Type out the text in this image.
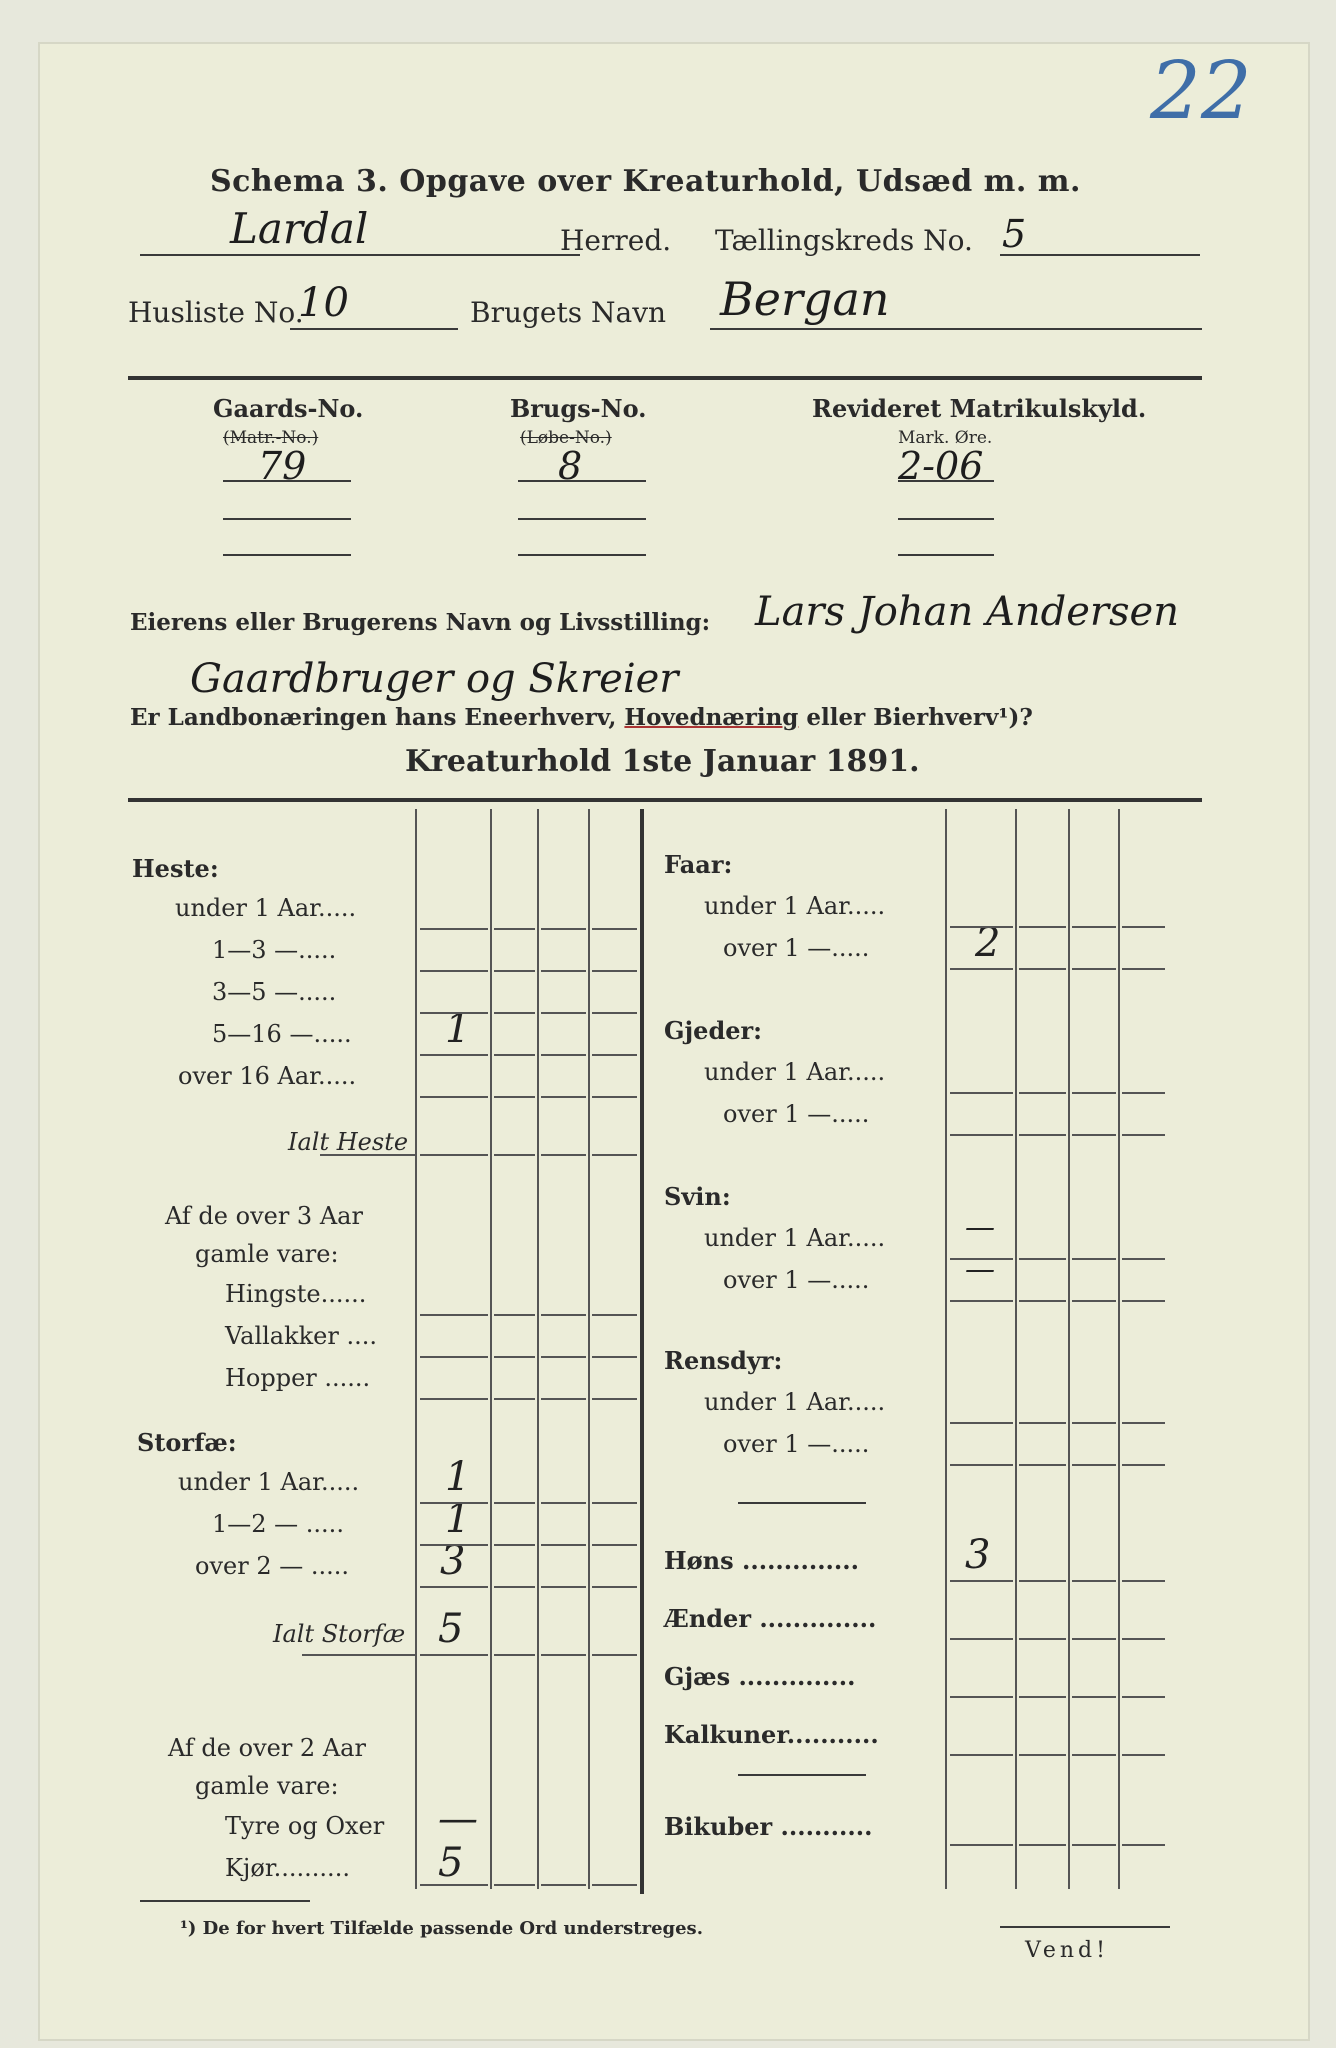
22
Schema 3. Opgave over Kreaturhold, Udsæd m. m.
Lardal	Herred. Tællingskreds No. 5
Husliste No.
10	Brugets Navn Bergan
Gaards-No.
(Matr.-No.)
79
Brugs-No.
(Løbe-No.)
8
Revideret Matrikulskyld.
Mark. Øre.
2-06
Eierens eller Brugerens Navn og Livsstilling: Lars Johan Andersen
Gaardbruger og Skreier
Er Landbonæringen hans Eneerhverv, Hovednæring eller Bierhverv¹)?
Kreaturhold 1ste Januar 1891.
Heste:
under 1 Aar.....
1—3 —.....
3—5 —.....
5—16 —..... 1
over 16 Aar.....
Ialt Heste
Af de over 3 Aar
gamle vare:
Hingste......
Vallakker ....
Hopper ......
Storfæ:
under 1 Aar..... 1
1—2 — .....	1
over 2 — ..... 3
Ialt Storfæ 5
Af de over 2 Aar
gamle vare:
Tyre og Oxer —
Kjør.......... 5
Faar:
under 1 Aar.....
over 1 —.....	2
Gjeder:
under 1 Aar.....
over 1 —.....
Svin:
under 1 Aar.....	—
over 1 —.....	—
Rensdyr:
under 1 Aar.....
over 1 —.....
Høns ..............	3
Ænder ..............
Gjæs ..............
Kalkuner...........
Bikuber ...........
¹) De for hvert Tilfælde passende Ord understreges.
Vend!
